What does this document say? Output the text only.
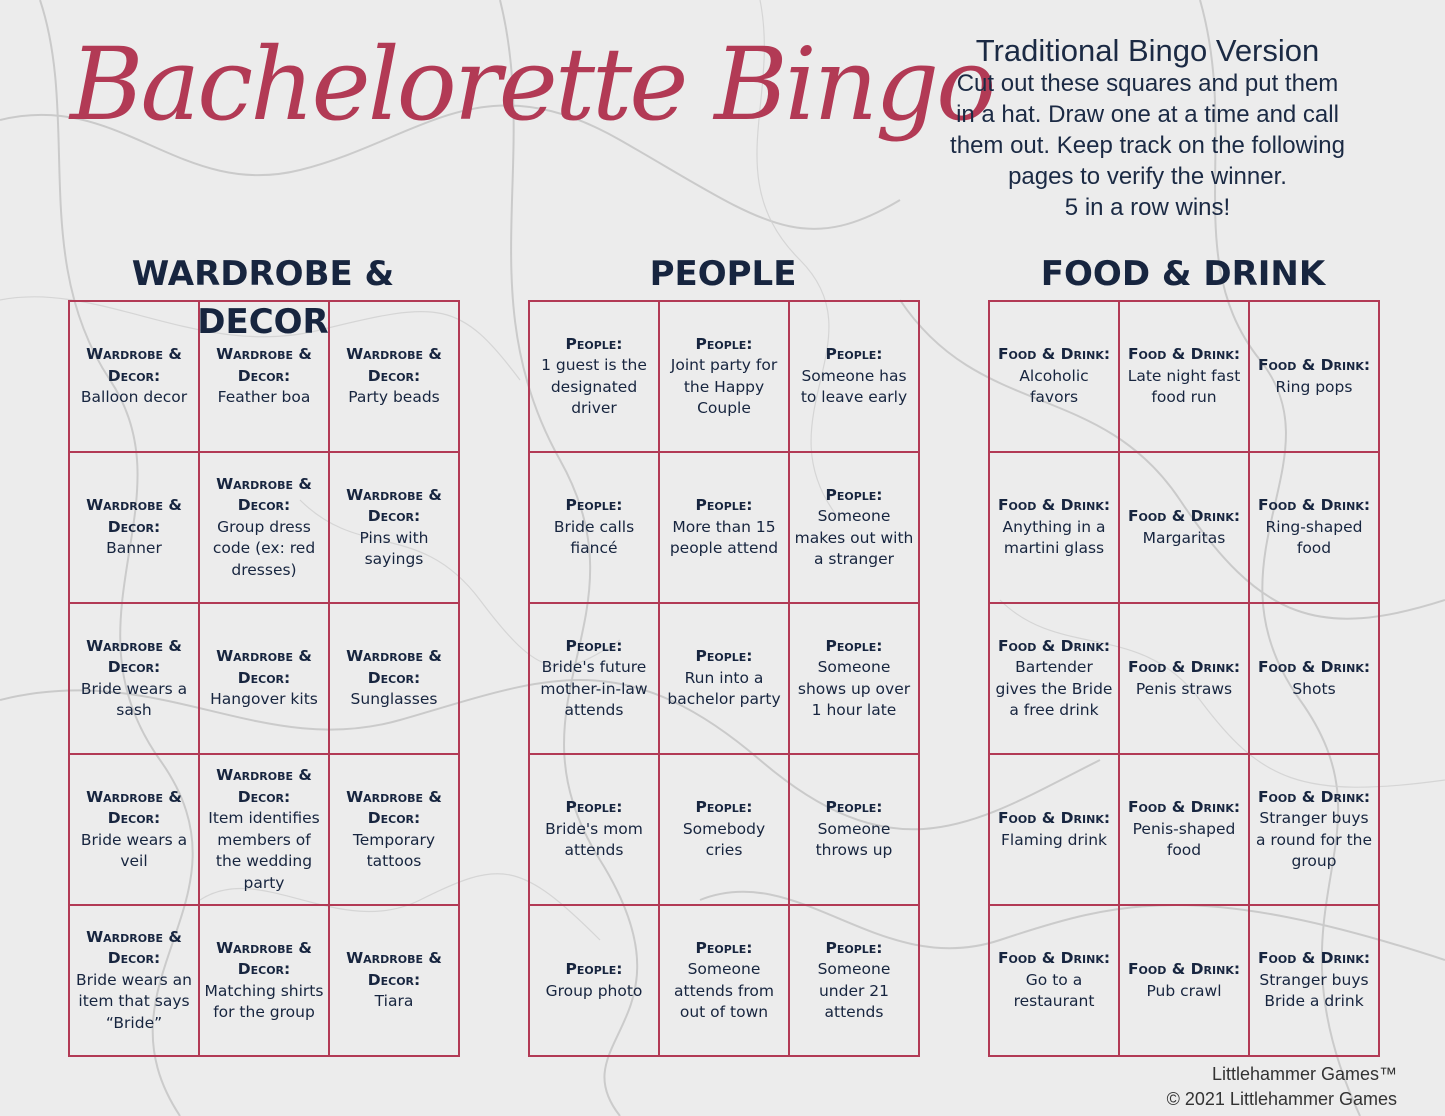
Bachelorette Bingo
Traditional Bingo Version
Cut out these squares and put them
in a hat. Draw one at a time and call
them out. Keep track on the following
pages to verify the winner.
5 in a row wins!
WARDROBE & DECOR
Wardrobe & Decor:
Balloon decor
Wardrobe & Decor:
Feather boa
Wardrobe & Decor:
Party beads
Wardrobe & Decor:
Banner
Wardrobe & Decor:
Group dress code (ex: red dresses)
Wardrobe & Decor:
Pins with sayings
Wardrobe & Decor:
Bride wears a sash
Wardrobe & Decor:
Hangover kits
Wardrobe & Decor:
Sunglasses
Wardrobe & Decor:
Bride wears a veil
Wardrobe & Decor:
Item identifies members of the wedding party
Wardrobe & Decor:
Temporary tattoos
Wardrobe & Decor:
Bride wears an item that says “Bride”
Wardrobe & Decor:
Matching shirts for the group
Wardrobe & Decor:
Tiara
PEOPLE
People:
1 guest is the designated driver
People:
Joint party for the Happy Couple
People:
Someone has to leave early
People:
Bride calls fiancé
People:
More than 15 people attend
People:
Someone makes out with a stranger
People:
Bride's future mother-in-law attends
People:
Run into a bachelor party
People:
Someone shows up over 1 hour late
People:
Bride's mom attends
People:
Somebody cries
People:
Someone throws up
People:
Group photo
People:
Someone attends from out of town
People:
Someone under 21 attends
FOOD & DRINK
Food & Drink:
Alcoholic favors
Food & Drink:
Late night fast food run
Food & Drink:
Ring pops
Food & Drink:
Anything in a martini glass
Food & Drink:
Margaritas
Food & Drink:
Ring-shaped food
Food & Drink:
Bartender gives the Bride a free drink
Food & Drink:
Penis straws
Food & Drink:
Shots
Food & Drink:
Flaming drink
Food & Drink:
Penis-shaped food
Food & Drink:
Stranger buys a round for the group
Food & Drink:
Go to a restaurant
Food & Drink:
Pub crawl
Food & Drink:
Stranger buys Bride a drink
Littlehammer Games™
© 2021 Littlehammer Games
